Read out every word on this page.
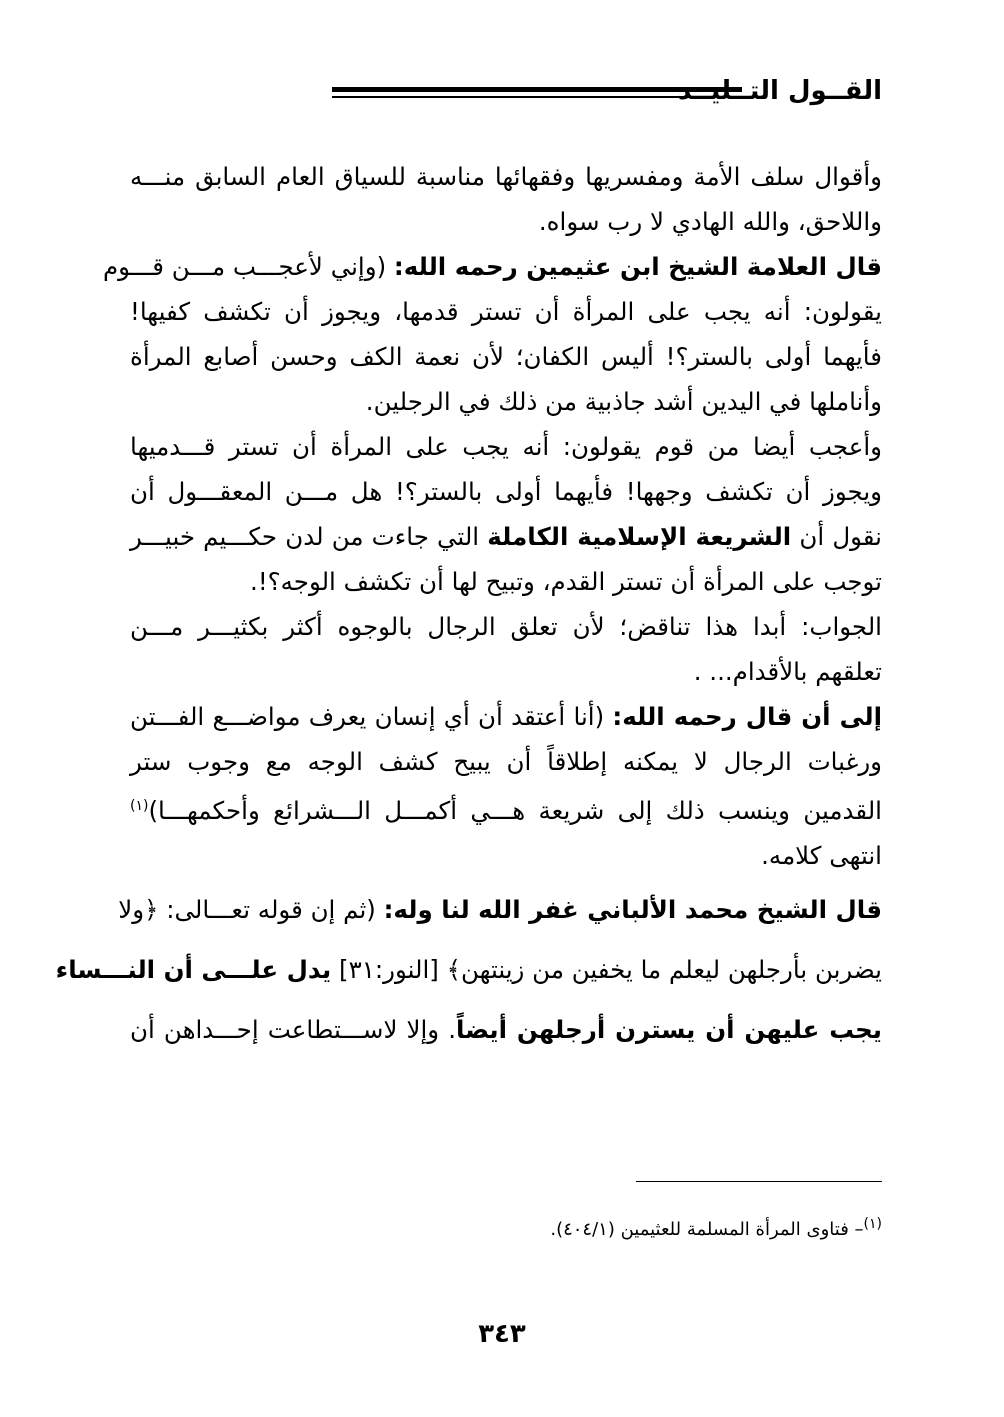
القــول التــليــد
وأقوال سلف الأمة ومفسريها وفقهائها مناسبة للسياق العام السابق منـــه
واللاحق، والله الهادي لا رب سواه.
قال العلامة الشيخ ابن عثيمين رحمه الله: (وإني لأعجـــب مـــن قـــوم
يقولون: أنه يجب على المرأة أن تستر قدمها، ويجوز أن تكشف كفيها!
فأيهما أولى بالستر؟! أليس الكفان؛ لأن نعمة الكف وحسن أصابع المرأة
وأناملها في اليدين أشد جاذبية من ذلك في الرجلين.
وأعجب أيضا من قوم يقولون: أنه يجب على المرأة أن تستر قـــدميها
ويجوز أن تكشف وجهها! فأيهما أولى بالستر؟! هل مـــن المعقـــول أن
نقول أن الشريعة الإسلامية الكاملة التي جاءت من لدن حكـــيم خبيـــر
توجب على المرأة أن تستر القدم، وتبيح لها أن تكشف الوجه؟!.
الجواب: أبدا هذا تناقض؛ لأن تعلق الرجال بالوجوه أكثر بكثيـــر مـــن
تعلقهم بالأقدام... .
إلى أن قال رحمه الله: (أنا أعتقد أن أي إنسان يعرف مواضـــع الفـــتن
ورغبات الرجال لا يمكنه إطلاقاً أن يبيح كشف الوجه مع وجوب ستر
القدمين وينسب ذلك إلى شريعة هـــي أكمـــل الـــشرائع وأحكمهـــا)$^{(١)}$
انتهى كلامه.
قال الشيخ محمد الألباني غفر الله لنا وله: (ثم إن قوله تعـــالى: ﴿ولا
يضربن بأرجلهن ليعلم ما يخفين من زينتهن﴾ [النور:٣١] يدل علـــى أن النـــساء
يجب عليهن أن يسترن أرجلهن أيضاً. وإلا لاســـتطاعت إحـــداهن أن
$^{(١)}$– فتاوى المرأة المسلمة للعثيمين (٤٠٤/١).
٣٤٣
